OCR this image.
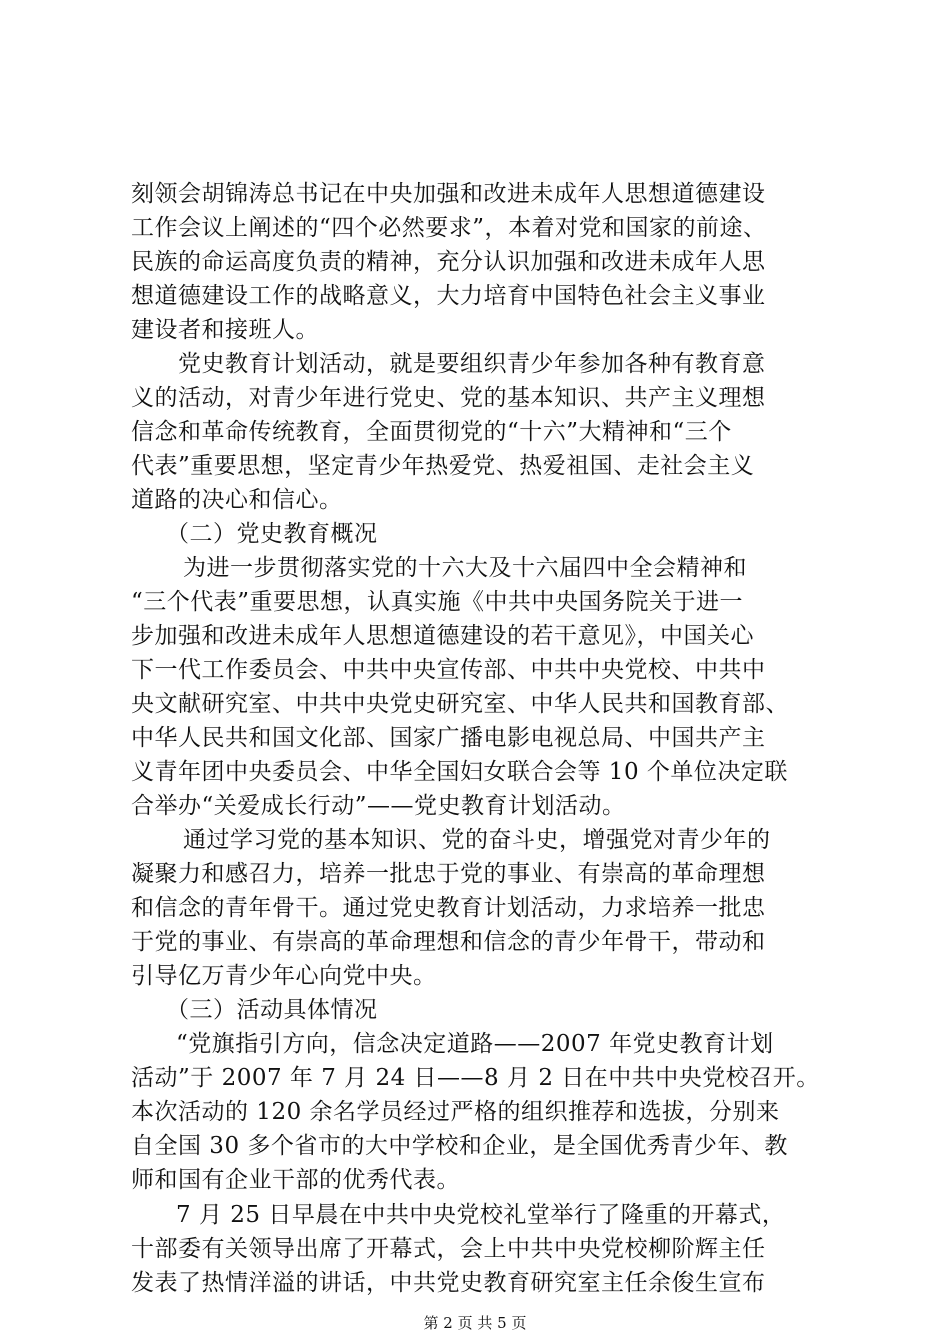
刻领会胡锦涛总书记在中央加强和改进未成年人思想道德建设
工作会议上阐述的“四个必然要求”，本着对党和国家的前途、
民族的命运高度负责的精神，充分认识加强和改进未成年人思
想道德建设工作的战略意义，大力培育中国特色社会主义事业
建设者和接班人。
党史教育计划活动，就是要组织青少年参加各种有教育意
义的活动，对青少年进行党史、党的基本知识、共产主义理想
信念和革命传统教育，全面贯彻党的“十六”大精神和“三个
代表”重要思想，坚定青少年热爱党、热爱祖国、走社会主义
道路的决心和信心。
（二）党史教育概况
为进一步贯彻落实党的十六大及十六届四中全会精神和
“三个代表”重要思想，认真实施《中共中央国务院关于进一
步加强和改进未成年人思想道德建设的若干意见》，中国关心
下一代工作委员会、中共中央宣传部、中共中央党校、中共中
央文献研究室、中共中央党史研究室、中华人民共和国教育部、
中华人民共和国文化部、国家广播电影电视总局、中国共产主
义青年团中央委员会、中华全国妇女联合会等 10 个单位决定联
合举办“关爱成长行动”——党史教育计划活动。
通过学习党的基本知识、党的奋斗史，增强党对青少年的
凝聚力和感召力，培养一批忠于党的事业、有崇高的革命理想
和信念的青年骨干。通过党史教育计划活动，力求培养一批忠
于党的事业、有崇高的革命理想和信念的青少年骨干，带动和
引导亿万青少年心向党中央。
（三）活动具体情况
“党旗指引方向，信念决定道路——2007 年党史教育计划
活动”于 2007 年 7 月 24 日——8 月 2 日在中共中央党校召开。
本次活动的 120 余名学员经过严格的组织推荐和选拔，分别来
自全国 30 多个省市的大中学校和企业，是全国优秀青少年、教
师和国有企业干部的优秀代表。
7 月 25 日早晨在中共中央党校礼堂举行了隆重的开幕式，
十部委有关领导出席了开幕式，会上中共中央党校柳阶辉主任
发表了热情洋溢的讲话，中共党史教育研究室主任余俊生宣布
第 2 页 共 5 页
